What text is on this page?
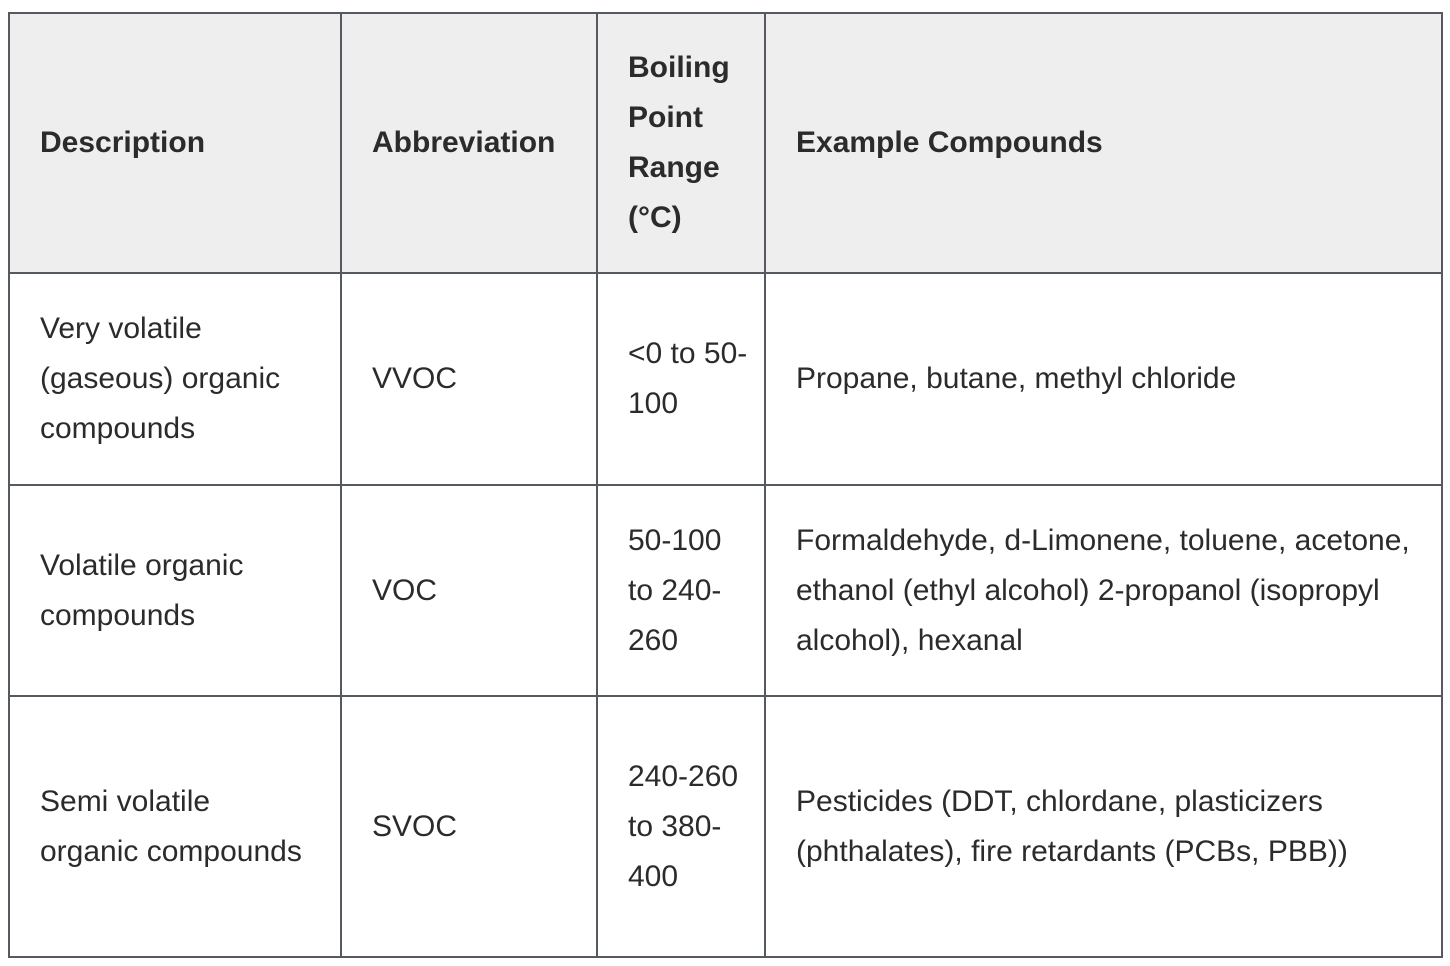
Description	Abbreviation	Boiling Point Range (°C)	Example Compounds
Very volatile (gaseous) organic compounds	VVOC	<0 to 50-100	Propane, butane, methyl chloride
Volatile organic compounds	VOC	50-100 to 240-260	Formaldehyde, d-Limonene, toluene, acetone, ethanol (ethyl alcohol) 2-propanol (isopropyl alcohol), hexanal
Semi volatile organic compounds	SVOC	240-260 to 380-400	Pesticides (DDT, chlordane, plasticizers (phthalates), fire retardants (PCBs, PBB))
